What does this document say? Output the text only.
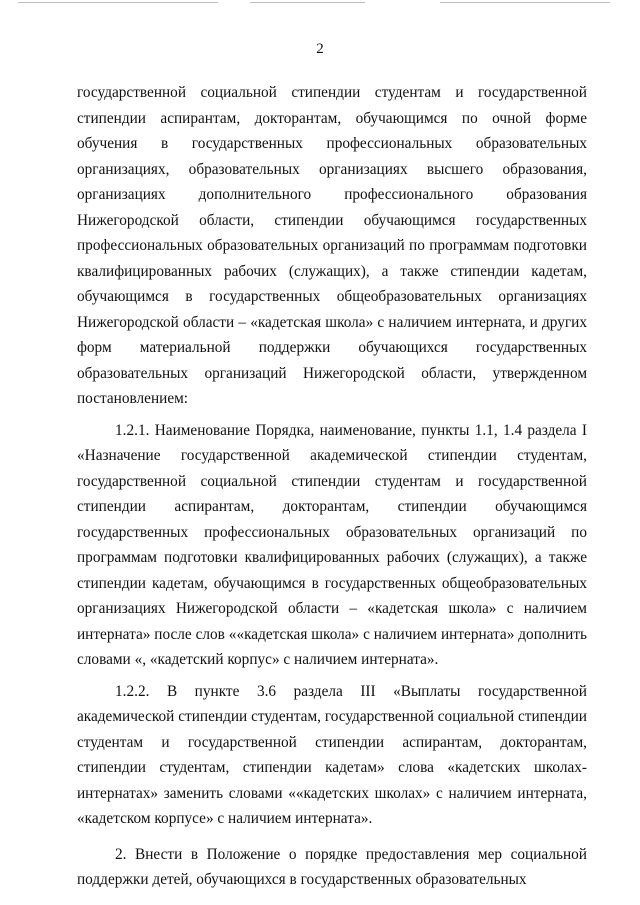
2

государственной социальной стипендии студентам и государственной стипендии аспирантам, докторантам, обучающимся по очной форме обучения в государственных профессиональных образовательных организациях, образовательных организациях высшего образования, организациях дополнительного профессионального образования Нижегородской области, стипендии обучающимся государственных профессиональных образовательных организаций по программам подготовки квалифицированных рабочих (служащих), а также стипендии кадетам, обучающимся в государственных общеобразовательных организациях Нижегородской области – «кадетская школа» с наличием интерната, и других форм материальной поддержки обучающихся государственных образовательных организаций Нижегородской области, утвержденном постановлением:

1.2.1. Наименование Порядка, наименование, пункты 1.1, 1.4 раздела I «Назначение государственной академической стипендии студентам, государственной социальной стипендии студентам и государственной стипендии аспирантам, докторантам, стипендии обучающимся государственных профессиональных образовательных организаций по программам подготовки квалифицированных рабочих (служащих), а также стипендии кадетам, обучающимся в государственных общеобразовательных организациях Нижегородской области – «кадетская школа» с наличием интерната» после слов ««кадетская школа» с наличием интерната» дополнить словами «, «кадетский корпус» с наличием интерната».

1.2.2. В пункте 3.6 раздела III «Выплаты государственной академической стипендии студентам, государственной социальной стипендии студентам и государственной стипендии аспирантам, докторантам, стипендии студентам, стипендии кадетам» слова «кадетских школах-интернатах» заменить словами ««кадетских школах» с наличием интерната, «кадетском корпусе» с наличием интерната».

2. Внести в Положение о порядке предоставления мер социальной поддержки детей, обучающихся в государственных образовательных
